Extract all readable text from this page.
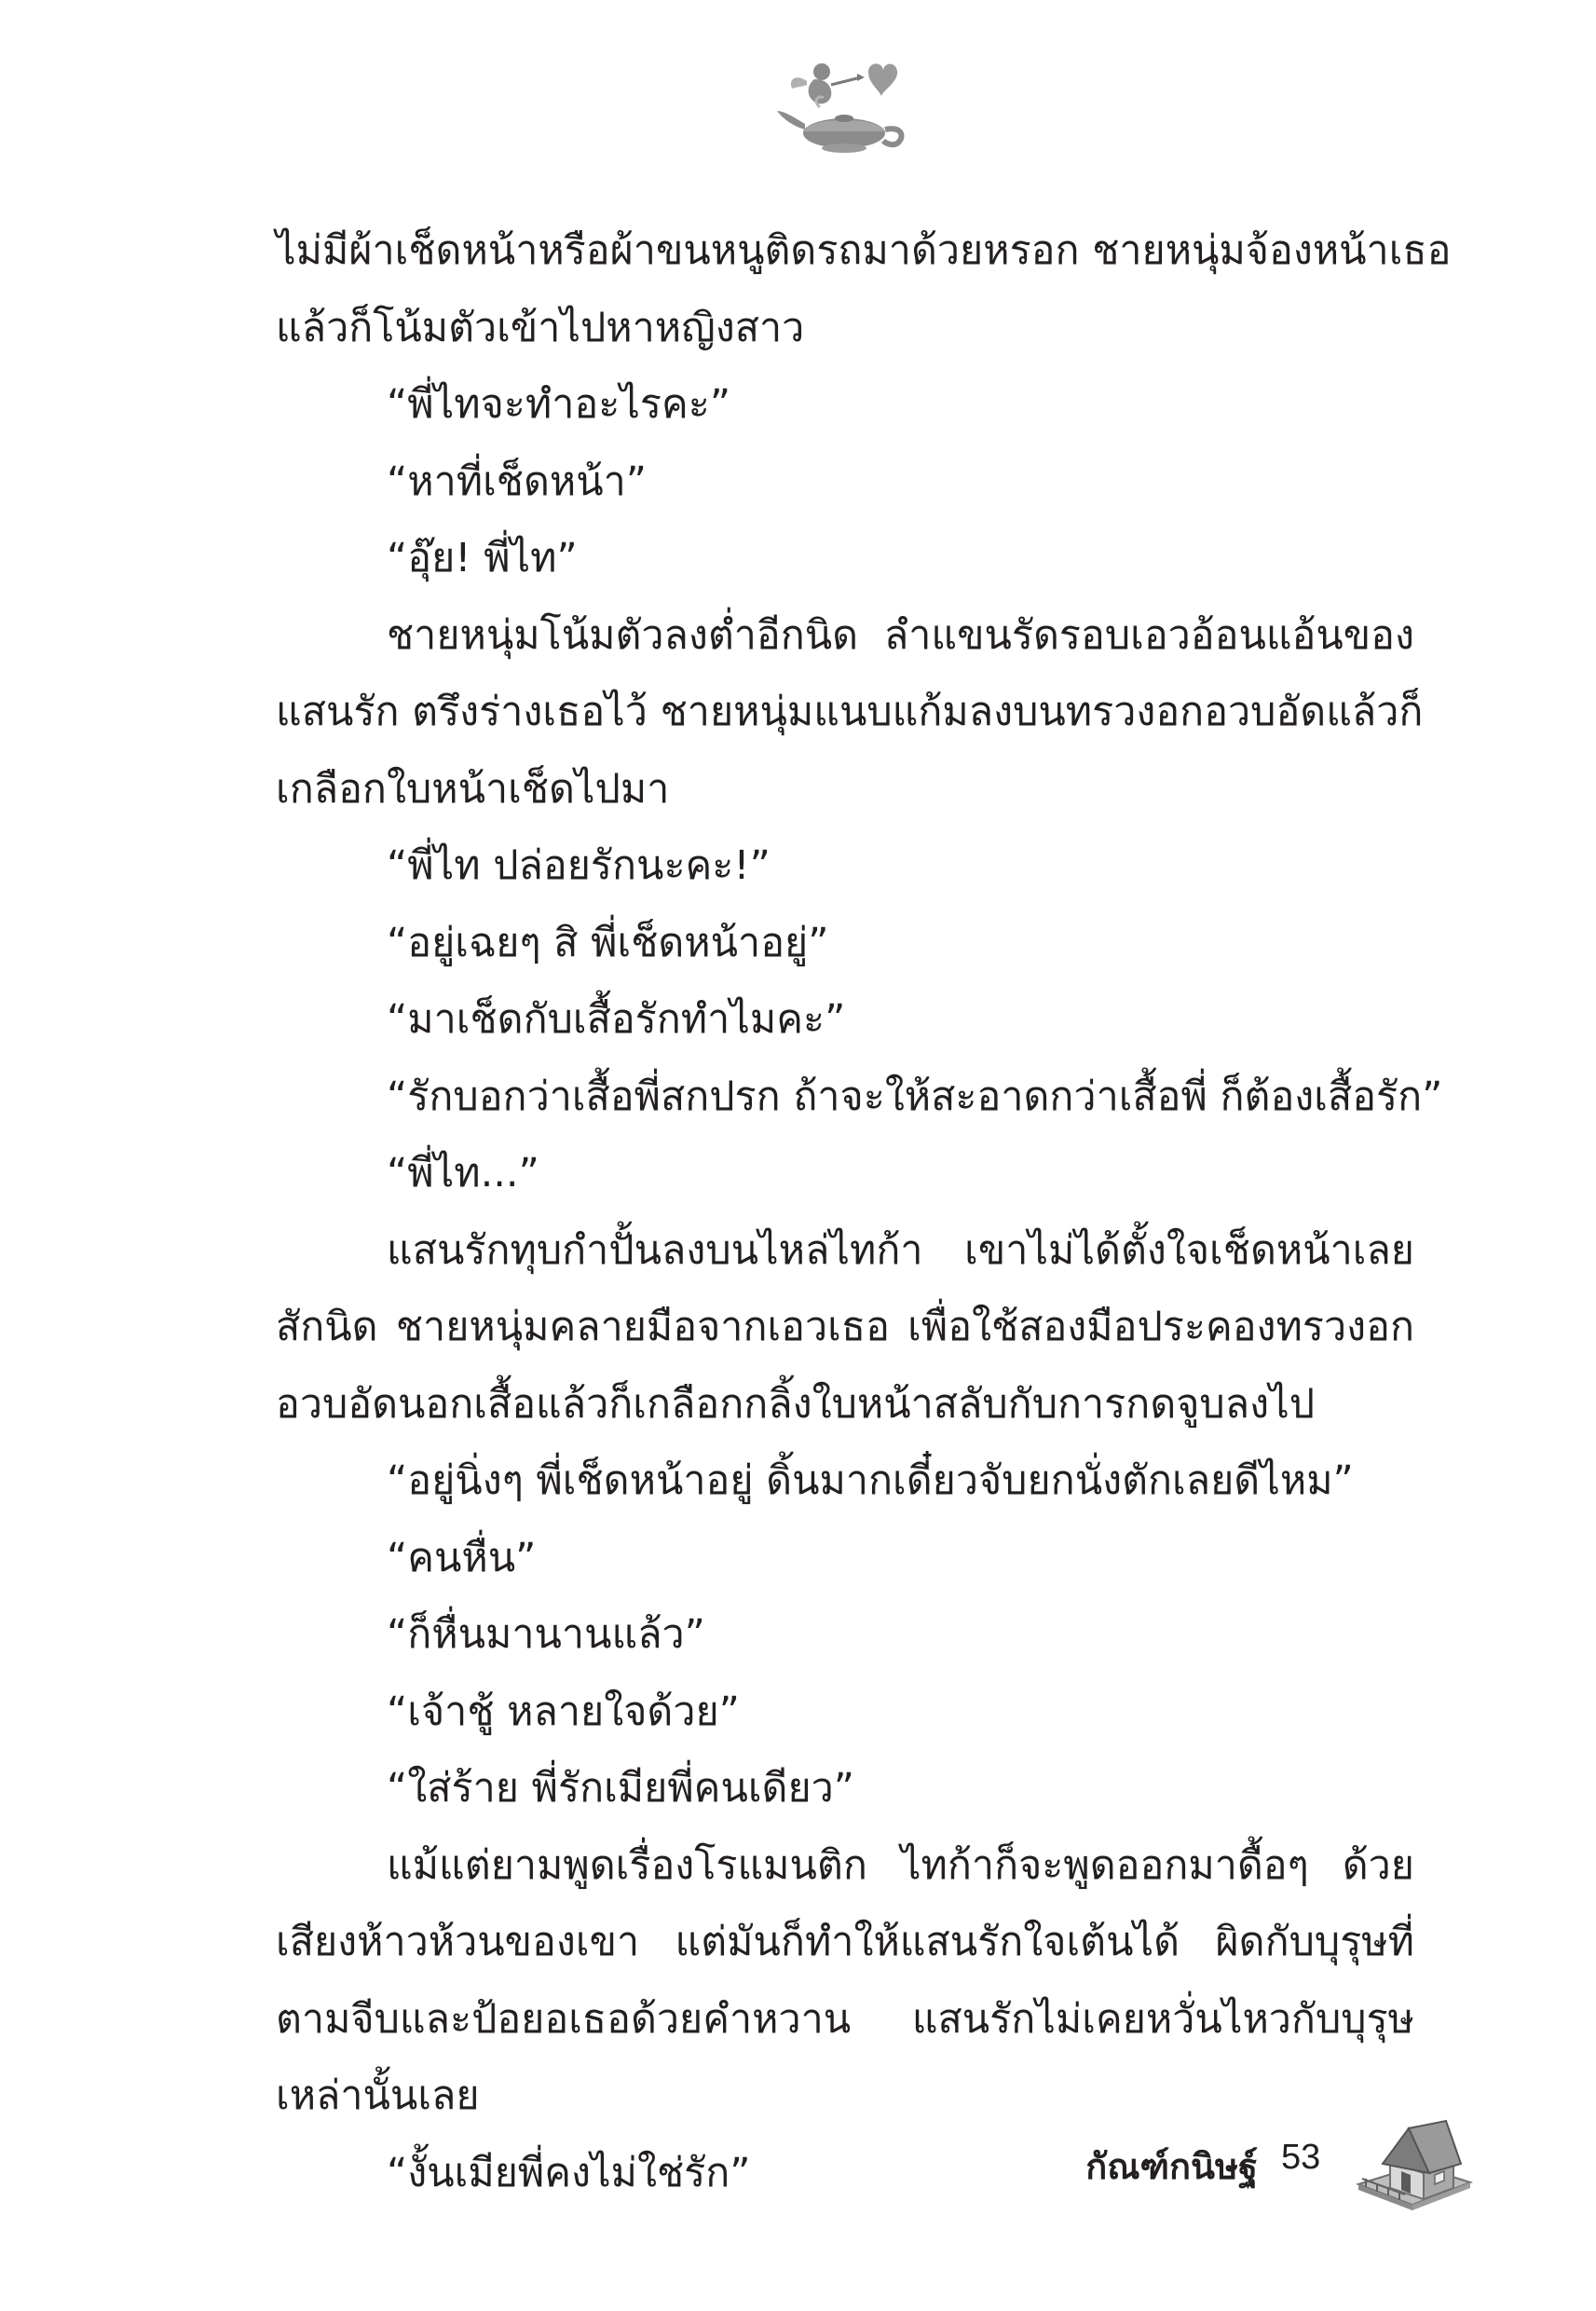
ไม่มีผ้าเช็ดหน้าหรือผ้าขนหนูติดรถมาด้วยหรอก ชายหนุ่มจ้องหน้าเธอ
แล้วก็โน้มตัวเข้าไปหาหญิงสาว
“พี่ไทจะทำอะไรคะ”
“หาที่เช็ดหน้า”
“อุ๊ย! พี่ไท”
ชายหนุ่มโน้มตัวลงต่ำอีกนิด ลำแขนรัดรอบเอวอ้อนแอ้นของ
แสนรัก ตรึงร่างเธอไว้ ชายหนุ่มแนบแก้มลงบนทรวงอกอวบอัดแล้วก็
เกลือกใบหน้าเช็ดไปมา
“พี่ไท ปล่อยรักนะคะ!”
“อยู่เฉยๆ สิ พี่เช็ดหน้าอยู่”
“มาเช็ดกับเสื้อรักทำไมคะ”
“รักบอกว่าเสื้อพี่สกปรก ถ้าจะให้สะอาดกว่าเสื้อพี่ ก็ต้องเสื้อรัก”
“พี่ไท...”
แสนรักทุบกำปั้นลงบนไหล่ไทก้า เขาไม่ได้ตั้งใจเช็ดหน้าเลย
สักนิด ชายหนุ่มคลายมือจากเอวเธอ เพื่อใช้สองมือประคองทรวงอก
อวบอัดนอกเสื้อแล้วก็เกลือกกลิ้งใบหน้าสลับกับการกดจูบลงไป
“อยู่นิ่งๆ พี่เช็ดหน้าอยู่ ดิ้นมากเดี๋ยวจับยกนั่งตักเลยดีไหม”
“คนหื่น”
“ก็หื่นมานานแล้ว”
“เจ้าชู้ หลายใจด้วย”
“ใส่ร้าย พี่รักเมียพี่คนเดียว”
แม้แต่ยามพูดเรื่องโรแมนติก ไทก้าก็จะพูดออกมาดื้อๆ ด้วย
เสียงห้าวห้วนของเขา แต่มันก็ทำให้แสนรักใจเต้นได้ ผิดกับบุรุษที่
ตามจีบและป้อยอเธอด้วยคำหวาน แสนรักไม่เคยหวั่นไหวกับบุรุษ
เหล่านั้นเลย
“งั้นเมียพี่คงไม่ใช่รัก”	กัณฑ์กนิษฐ์ 53
